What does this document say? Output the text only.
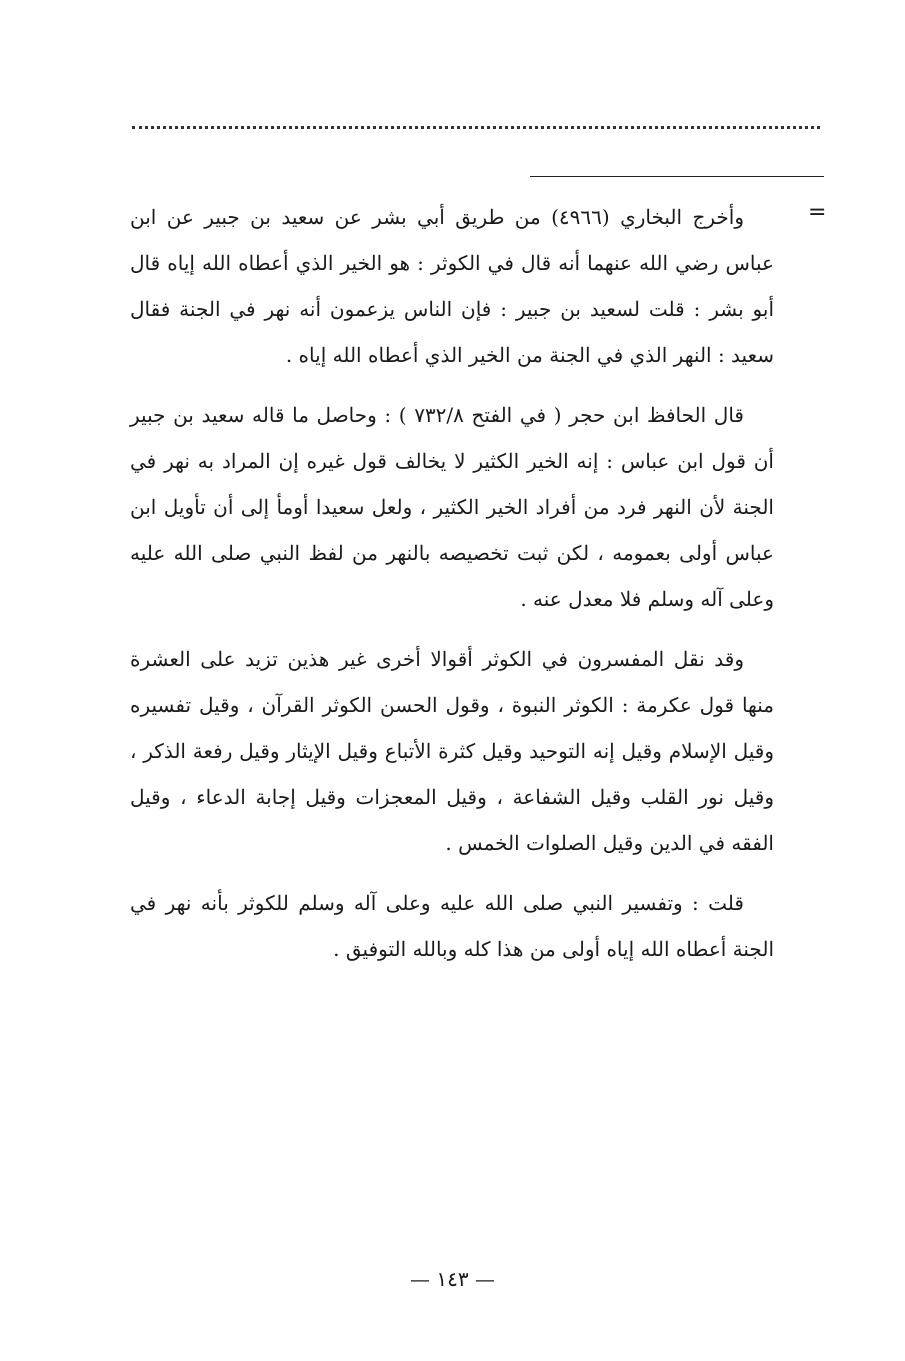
=

وأخرج البخاري (٤٩٦٦) من طريق أبي بشر عن سعيد بن جبير عن ابن عباس رضي الله عنهما أنه قال في الكوثر : هو الخير الذي أعطاه الله إياه قال أبو بشر : قلت لسعيد بن جبير : فإن الناس يزعمون أنه نهر في الجنة فقال سعيد : النهر الذي في الجنة من الخير الذي أعطاه الله إياه .

قال الحافظ ابن حجر ( في الفتح ٧٣٢/٨ ) : وحاصل ما قاله سعيد بن جبير أن قول ابن عباس : إنه الخير الكثير لا يخالف قول غيره إن المراد به نهر في الجنة لأن النهر فرد من أفراد الخير الكثير ، ولعل سعيدا أومأ إلى أن تأويل ابن عباس أولى بعمومه ، لكن ثبت تخصيصه بالنهر من لفظ النبي صلى الله عليه وعلى آله وسلم فلا معدل عنه .

وقد نقل المفسرون في الكوثر أقوالا أخرى غير هذين تزيد على العشرة منها قول عكرمة : الكوثر النبوة ، وقول الحسن الكوثر القرآن ، وقيل تفسيره وقيل الإسلام وقيل إنه التوحيد وقيل كثرة الأتباع وقيل الإيثار وقيل رفعة الذكر ، وقيل نور القلب وقيل الشفاعة ، وقيل المعجزات وقيل إجابة الدعاء ، وقيل الفقه في الدين وقيل الصلوات الخمس .

قلت : وتفسير النبي صلى الله عليه وعلى آله وسلم للكوثر بأنه نهر في الجنة أعطاه الله إياه أولى من هذا كله وبالله التوفيق .

— ١٤٣ —
